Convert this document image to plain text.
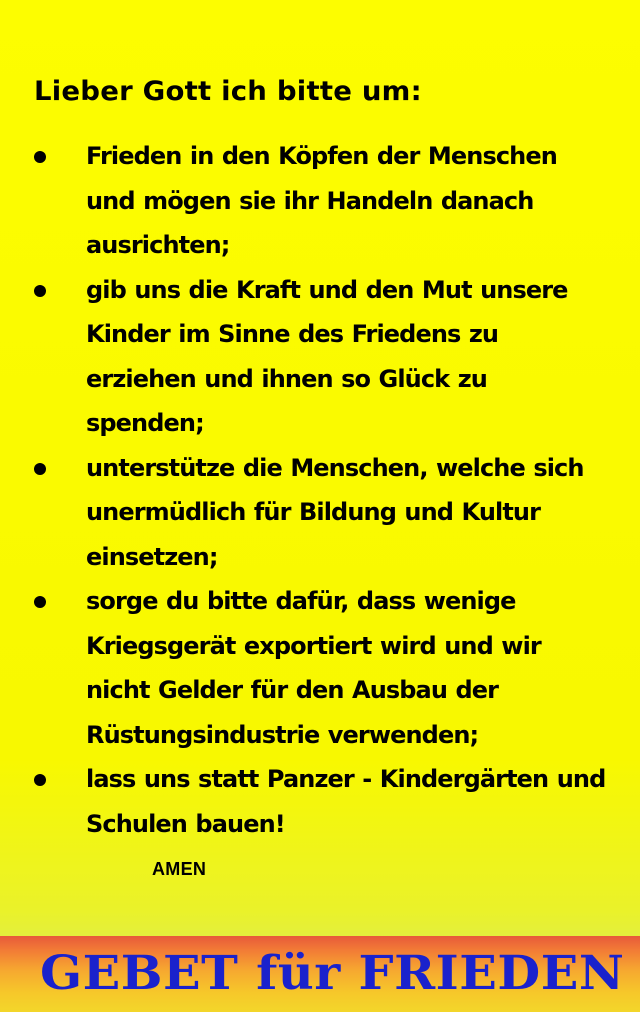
Lieber Gott ich bitte um:
Frieden in den Köpfen der Menschen
und mögen sie ihr Handeln danach
ausrichten;
gib uns die Kraft und den Mut unsere
Kinder im Sinne des Friedens zu
erziehen und ihnen so Glück zu
spenden;
unterstütze die Menschen, welche sich
unermüdlich für Bildung und Kultur
einsetzen;
sorge du bitte dafür, dass wenige
Kriegsgerät exportiert wird und wir
nicht Gelder für den Ausbau der
Rüstungsindustrie verwenden;
lass uns statt Panzer - Kindergärten und
Schulen bauen!
AMEN
GEBET für FRIEDEN
